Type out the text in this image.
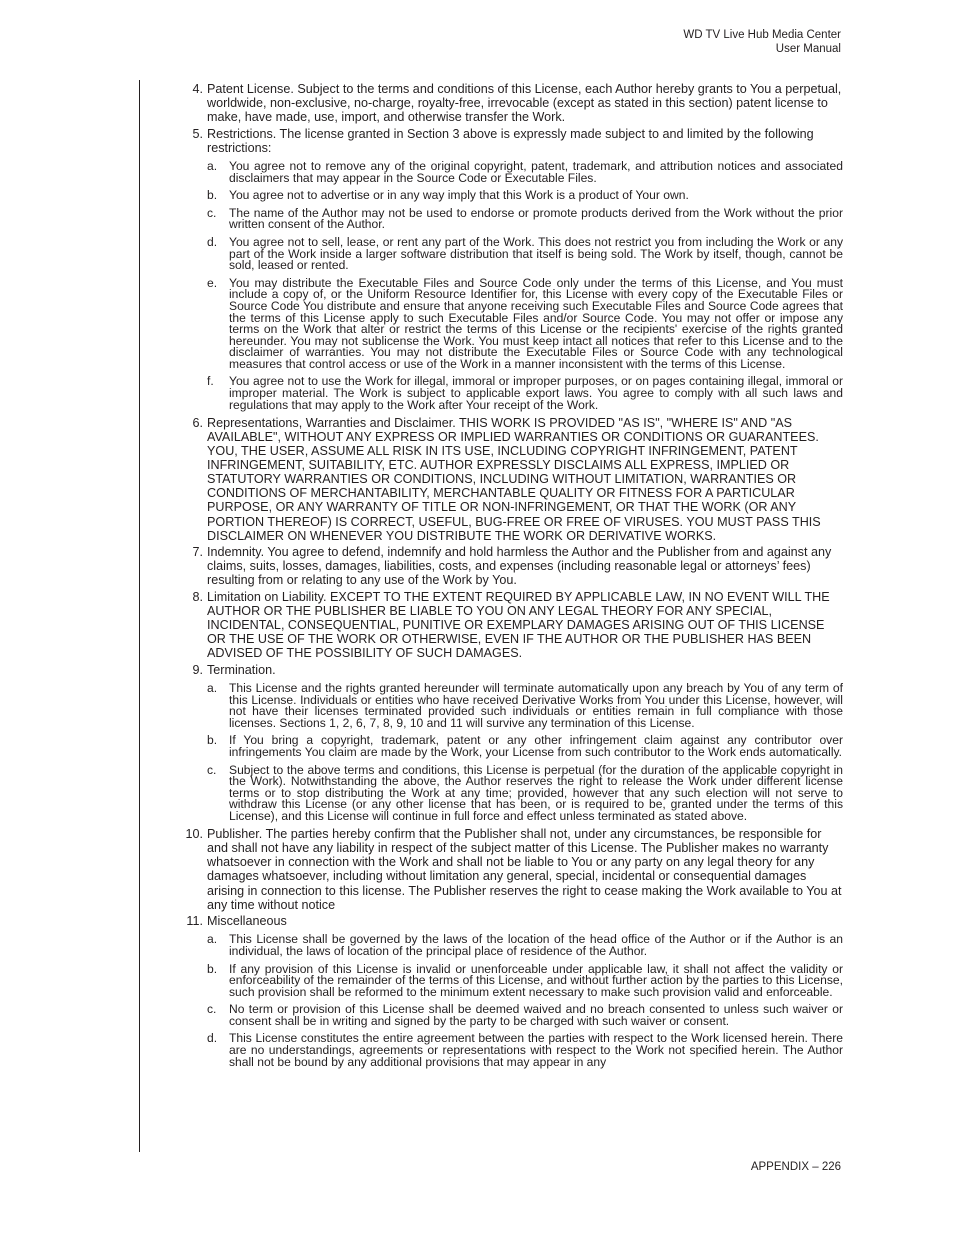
WD TV Live Hub Media Center
User Manual
4. Patent License. Subject to the terms and conditions of this License, each Author hereby grants to You a perpetual, worldwide, non-exclusive, no-charge, royalty-free, irrevocable (except as stated in this section) patent license to make, have made, use, import, and otherwise transfer the Work.
5. Restrictions. The license granted in Section 3 above is expressly made subject to and limited by the following restrictions:
a. You agree not to remove any of the original copyright, patent, trademark, and attribution notices and associated disclaimers that may appear in the Source Code or Executable Files.
b. You agree not to advertise or in any way imply that this Work is a product of Your own.
c. The name of the Author may not be used to endorse or promote products derived from the Work without the prior written consent of the Author.
d. You agree not to sell, lease, or rent any part of the Work. This does not restrict you from including the Work or any part of the Work inside a larger software distribution that itself is being sold. The Work by itself, though, cannot be sold, leased or rented.
e. You may distribute the Executable Files and Source Code only under the terms of this License, and You must include a copy of, or the Uniform Resource Identifier for, this License with every copy of the Executable Files or Source Code You distribute and ensure that anyone receiving such Executable Files and Source Code agrees that the terms of this License apply to such Executable Files and/or Source Code. You may not offer or impose any terms on the Work that alter or restrict the terms of this License or the recipients' exercise of the rights granted hereunder. You may not sublicense the Work. You must keep intact all notices that refer to this License and to the disclaimer of warranties. You may not distribute the Executable Files or Source Code with any technological measures that control access or use of the Work in a manner inconsistent with the terms of this License.
f. You agree not to use the Work for illegal, immoral or improper purposes, or on pages containing illegal, immoral or improper material. The Work is subject to applicable export laws. You agree to comply with all such laws and regulations that may apply to the Work after Your receipt of the Work.
6. Representations, Warranties and Disclaimer. THIS WORK IS PROVIDED "AS IS", "WHERE IS" AND "AS AVAILABLE", WITHOUT ANY EXPRESS OR IMPLIED WARRANTIES OR CONDITIONS OR GUARANTEES. YOU, THE USER, ASSUME ALL RISK IN ITS USE, INCLUDING COPYRIGHT INFRINGEMENT, PATENT INFRINGEMENT, SUITABILITY, ETC. AUTHOR EXPRESSLY DISCLAIMS ALL EXPRESS, IMPLIED OR STATUTORY WARRANTIES OR CONDITIONS, INCLUDING WITHOUT LIMITATION, WARRANTIES OR CONDITIONS OF MERCHANTABILITY, MERCHANTABLE QUALITY OR FITNESS FOR A PARTICULAR PURPOSE, OR ANY WARRANTY OF TITLE OR NON-INFRINGEMENT, OR THAT THE WORK (OR ANY PORTION THEREOF) IS CORRECT, USEFUL, BUG-FREE OR FREE OF VIRUSES. YOU MUST PASS THIS DISCLAIMER ON WHENEVER YOU DISTRIBUTE THE WORK OR DERIVATIVE WORKS.
7. Indemnity. You agree to defend, indemnify and hold harmless the Author and the Publisher from and against any claims, suits, losses, damages, liabilities, costs, and expenses (including reasonable legal or attorneys’ fees) resulting from or relating to any use of the Work by You.
8. Limitation on Liability. EXCEPT TO THE EXTENT REQUIRED BY APPLICABLE LAW, IN NO EVENT WILL THE AUTHOR OR THE PUBLISHER BE LIABLE TO YOU ON ANY LEGAL THEORY FOR ANY SPECIAL, INCIDENTAL, CONSEQUENTIAL, PUNITIVE OR EXEMPLARY DAMAGES ARISING OUT OF THIS LICENSE OR THE USE OF THE WORK OR OTHERWISE, EVEN IF THE AUTHOR OR THE PUBLISHER HAS BEEN ADVISED OF THE POSSIBILITY OF SUCH DAMAGES.
9. Termination.
a. This License and the rights granted hereunder will terminate automatically upon any breach by You of any term of this License. Individuals or entities who have received Derivative Works from You under this License, however, will not have their licenses terminated provided such individuals or entities remain in full compliance with those licenses. Sections 1, 2, 6, 7, 8, 9, 10 and 11 will survive any termination of this License.
b. If You bring a copyright, trademark, patent or any other infringement claim against any contributor over infringements You claim are made by the Work, your License from such contributor to the Work ends automatically.
c. Subject to the above terms and conditions, this License is perpetual (for the duration of the applicable copyright in the Work). Notwithstanding the above, the Author reserves the right to release the Work under different license terms or to stop distributing the Work at any time; provided, however that any such election will not serve to withdraw this License (or any other license that has been, or is required to be, granted under the terms of this License), and this License will continue in full force and effect unless terminated as stated above.
10. Publisher. The parties hereby confirm that the Publisher shall not, under any circumstances, be responsible for and shall not have any liability in respect of the subject matter of this License. The Publisher makes no warranty whatsoever in connection with the Work and shall not be liable to You or any party on any legal theory for any damages whatsoever, including without limitation any general, special, incidental or consequential damages arising in connection to this license. The Publisher reserves the right to cease making the Work available to You at any time without notice
11. Miscellaneous
a. This License shall be governed by the laws of the location of the head office of the Author or if the Author is an individual, the laws of location of the principal place of residence of the Author.
b. If any provision of this License is invalid or unenforceable under applicable law, it shall not affect the validity or enforceability of the remainder of the terms of this License, and without further action by the parties to this License, such provision shall be reformed to the minimum extent necessary to make such provision valid and enforceable.
c. No term or provision of this License shall be deemed waived and no breach consented to unless such waiver or consent shall be in writing and signed by the party to be charged with such waiver or consent.
d. This License constitutes the entire agreement between the parties with respect to the Work licensed herein. There are no understandings, agreements or representations with respect to the Work not specified herein. The Author shall not be bound by any additional provisions that may appear in any
APPENDIX – 226
